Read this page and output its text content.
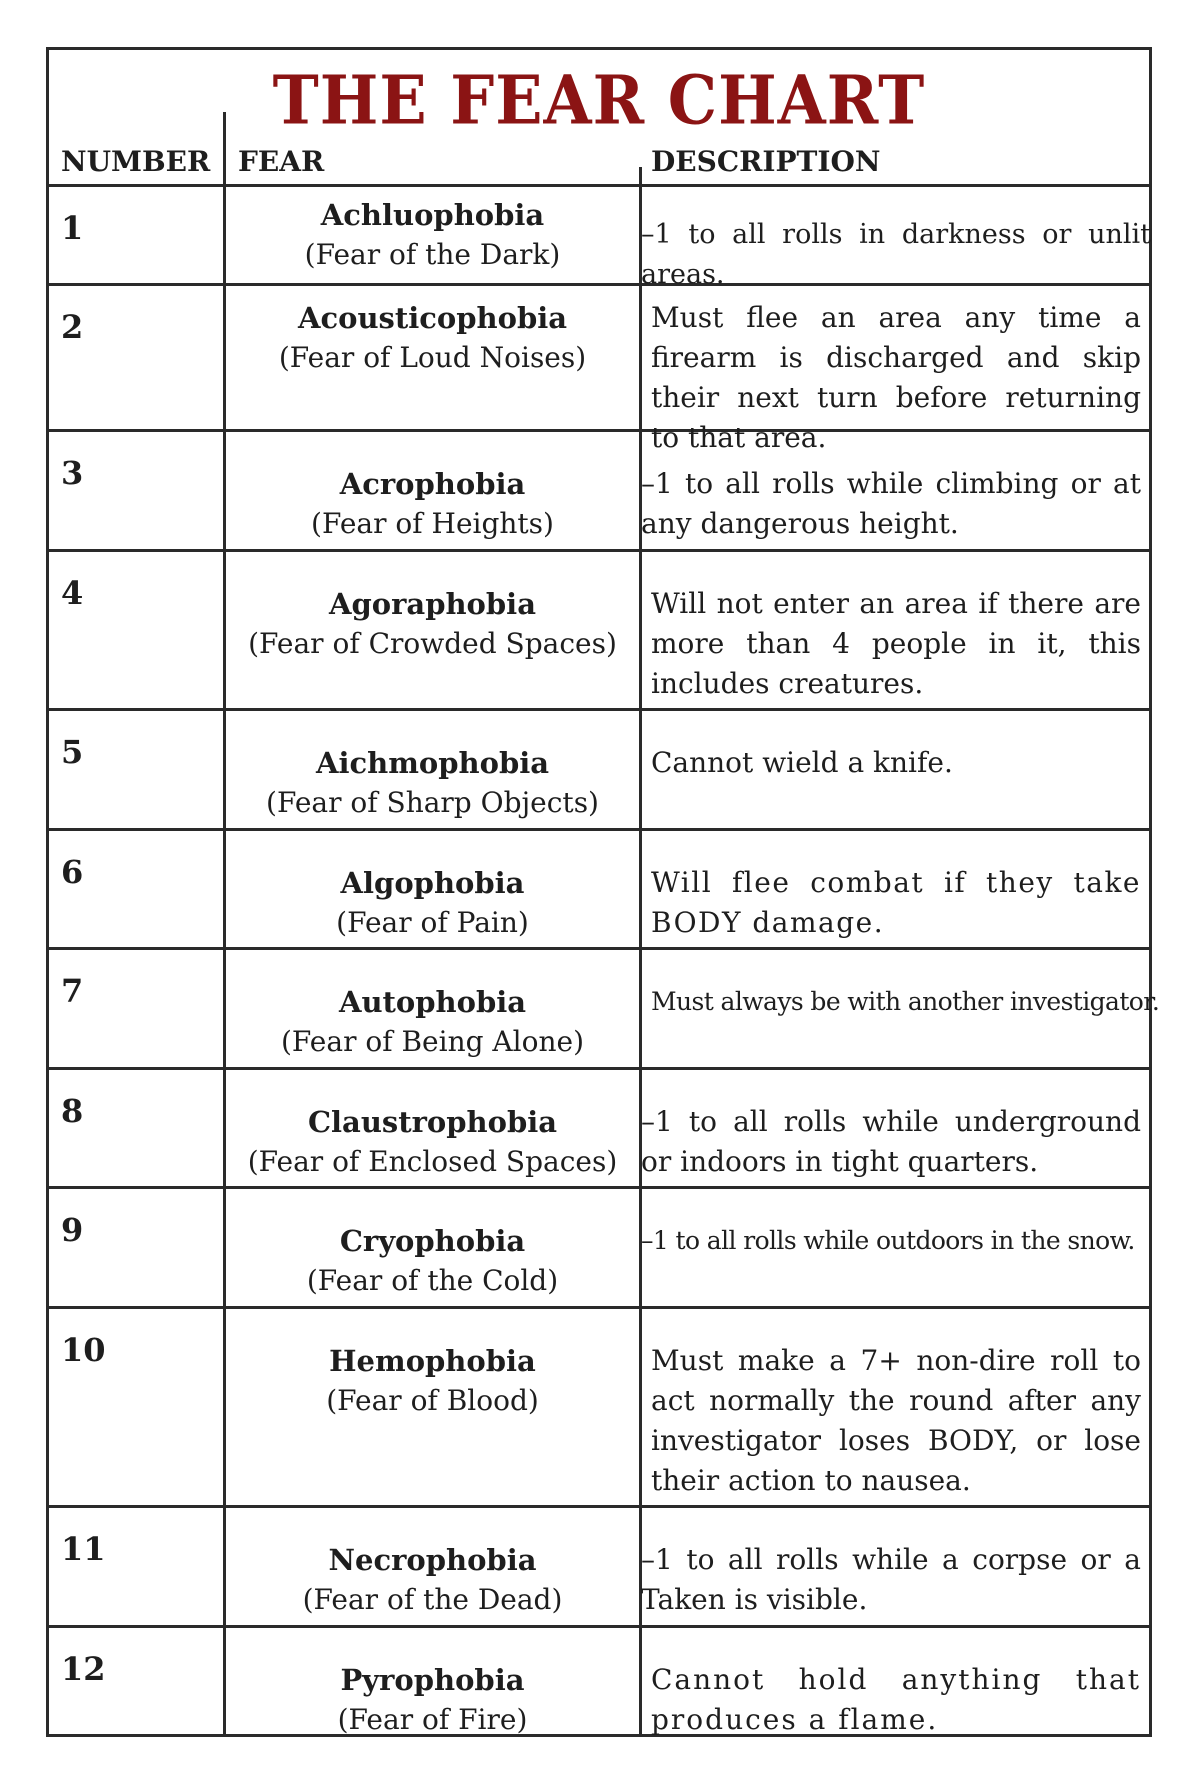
THE FEAR CHART
NUMBER FEAR	DESCRIPTION
1	Achluophobia
(Fear of the Dark)
–1 to all rolls in darkness or unlit areas.
2	Acousticophobia
(Fear of Loud Noises)
Must flee an area any time a firearm is discharged and skip their next turn before returning to that area.
3	Acrophobia
(Fear of Heights)
–1 to all rolls while climbing or at any dangerous height.
4	Agoraphobia
(Fear of Crowded Spaces)
Will not enter an area if there are more than 4 people in it, this includes creatures.
5	Aichmophobia
(Fear of Sharp Objects)
Cannot wield a knife.
6	Algophobia
(Fear of Pain)
Will flee combat if they take BODY damage.
7	Autophobia
(Fear of Being Alone)
Must always be with another investigator.
8	Claustrophobia
(Fear of Enclosed Spaces)
–1 to all rolls while underground or indoors in tight quarters.
9	Cryophobia
(Fear of the Cold)
–1 to all rolls while outdoors in the snow.
10	Hemophobia
(Fear of Blood)
Must make a 7+ non-dire roll to act normally the round after any investigator loses BODY, or lose their action to nausea.
11	Necrophobia
(Fear of the Dead)
–1 to all rolls while a corpse or a Taken is visible.
12	Pyrophobia
(Fear of Fire)
Cannot hold anything that produces a flame.
